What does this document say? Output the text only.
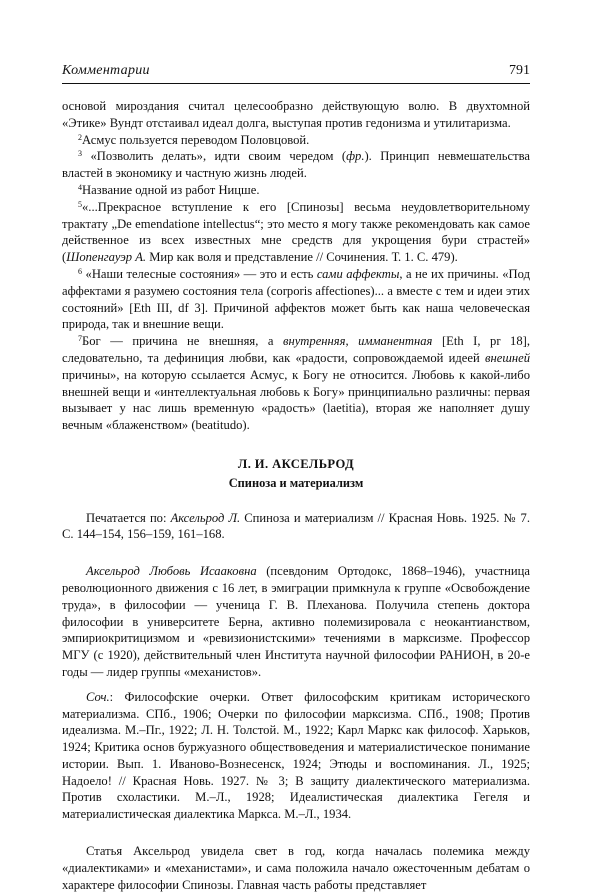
Комментарии	791

основой мироздания считал целесообразно действующую волю. В двухтомной «Этике» Вундт отстаивал идеал долга, выступая против гедонизма и утилитаризма.

$^2$Асмус пользуется переводом Половцовой.

$^3$ «Позволить делать», идти своим чередом (фр.). Принцип невмешательства властей в экономику и частную жизнь людей.

$^4$Название одной из работ Ницше.

$^5$«...Прекрасное вступление к его [Спинозы] весьма неудовлетворительному трактату „De emendatione intellectus“; это место я могу также рекомендовать как самое действенное из всех известных мне средств для укрощения бури страстей» (Шопенгауэр А. Мир как воля и представление // Сочинения. Т. 1. С. 479).

$^6$ «Наши телесные состояния» — это и есть сами аффекты, а не их причины. «Под аффектами я разумею состояния тела (corporis affectiones)... а вместе с тем и идеи этих состояний» [Eth III, df 3]. Причиной аффектов может быть как наша человеческая природа, так и внешние вещи.

$^7$Бог — причина не внешняя, а внутренняя, имманентная [Eth I, pr 18], следовательно, та дефиниция любви, как «радости, сопровождаемой идеей внешней причины», на которую ссылается Асмус, к Богу не относится. Любовь к какой-либо внешней вещи и «интеллектуальная любовь к Богу» принципиально различны: первая вызывает у нас лишь временную «радость» (laetitia), вторая же наполняет душу вечным «блаженством» (beatitudo).

Л. И. АКСЕЛЬРОД
Спиноза и материализм

Печатается по: Аксельрод Л. Спиноза и материализм // Красная Новь. 1925. № 7. С. 144–154, 156–159, 161–168.

Аксельрод Любовь Исааковна (псевдоним Ортодокс, 1868–1946), участница революционного движения с 16 лет, в эмиграции примкнула к группе «Освобождение труда», в философии — ученица Г. В. Плеханова. Получила степень доктора философии в университете Берна, активно полемизировала с неокантианством, эмпириокритицизмом и «ревизионистскими» течениями в марксизме. Профессор МГУ (с 1920), действительный член Института научной философии РАНИОН, в 20-е годы — лидер группы «механистов».

Соч.: Философские очерки. Ответ философским критикам исторического материализма. СПб., 1906; Очерки по философии марксизма. СПб., 1908; Против идеализма. М.–Пг., 1922; Л. Н. Толстой. М., 1922; Карл Маркс как философ. Харьков, 1924; Критика основ буржуазного обществоведения и материалистическое понимание истории. Вып. 1. Иваново-Вознесенск, 1924; Этюды и воспоминания. Л., 1925; Надоело! // Красная Новь. 1927. № 3; В защиту диалектического материализма. Против схоластики. М.–Л., 1928; Идеалистическая диалектика Гегеля и материалистическая диалектика Маркса. М.–Л., 1934.

Статья Аксельрод увидела свет в год, когда началась полемика между «диалектиками» и «механистами», и сама положила начало ожесточенным дебатам о характере философии Спинозы. Главная часть работы представляет
